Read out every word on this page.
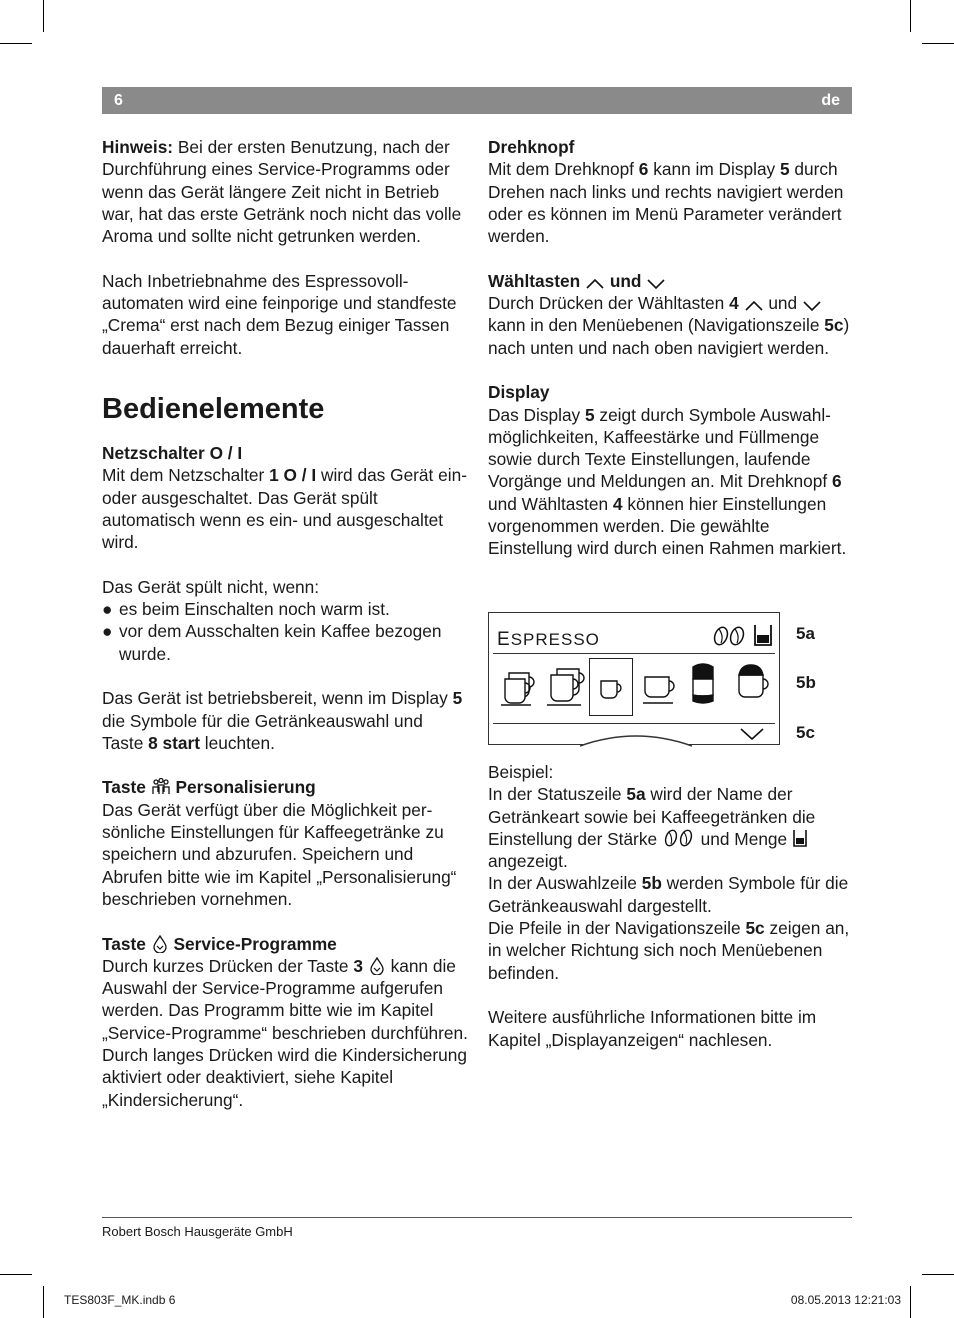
6	de

Hinweis: Bei der ersten Benutzung, nach der Durchführung eines Service-Programms oder wenn das Gerät längere Zeit nicht in Betrieb war, hat das erste Getränk noch nicht das volle Aroma und sollte nicht getrunken werden.

Nach Inbetriebnahme des Espressovollautomaten wird eine feinporige und standfeste „Crema“ erst nach dem Bezug einiger Tassen dauerhaft erreicht.

Bedienelemente

Netzschalter O / I

Mit dem Netzschalter 1 O / I wird das Gerät ein- oder ausgeschaltet. Das Gerät spült automatisch wenn es ein- und ausgeschaltet wird.

Das Gerät spült nicht, wenn:

● es beim Einschalten noch warm ist.
● vor dem Ausschalten kein Kaffee bezogen wurde.

Das Gerät ist betriebsbereit, wenn im Display 5 die Symbole für die Getränkeauswahl und Taste 8 start leuchten.

Taste Personalisierung

Das Gerät verfügt über die Möglichkeit persönliche Einstellungen für Kaffeegetränke zu speichern und abzurufen. Speichern und Abrufen bitte wie im Kapitel „Personalisierung“ beschrieben vornehmen.

Taste Service-Programme

Durch kurzes Drücken der Taste 3  kann die Auswahl der Service-Programme aufgerufen werden. Das Programm bitte wie im Kapitel „Service-Programme“ beschrieben durchführen.

Durch langes Drücken wird die Kindersicherung aktiviert oder deaktiviert, siehe Kapitel „Kindersicherung“.

Drehknopf

Mit dem Drehknopf 6 kann im Display 5 durch Drehen nach links und rechts navigiert werden oder es können im Menü Parameter verändert werden.

Wähltasten und

Durch Drücken der Wähltasten 4  und  kann in den Menüebenen (Navigationszeile 5c) nach unten und nach oben navigiert werden.

Display

Das Display 5 zeigt durch Symbole Auswahlmöglichkeiten, Kaffeestärke und Füllmenge sowie durch Texte Einstellungen, laufende Vorgänge und Meldungen an. Mit Drehknopf 6 und Wähltasten 4 können hier Einstellungen vorgenommen werden. Die gewählte Einstellung wird durch einen Rahmen markiert.

ESPRESSO	5a
5b
5c

Beispiel:

In der Statuszeile 5a wird der Name der Getränkeart sowie bei Kaffeegetränken die Einstellung der Stärke  und Menge
angezeigt.

In der Auswahlzeile 5b werden Symbole für die Getränkeauswahl dargestellt.

Die Pfeile in der Navigationszeile 5c zeigen an, in welcher Richtung sich noch Menüebenen befinden.

Weitere ausführliche Informationen bitte im Kapitel „Displayanzeigen“ nachlesen.

Robert Bosch Hausgeräte GmbH
TES803F_MK.indb 6	08.05.2013 12:21:03
